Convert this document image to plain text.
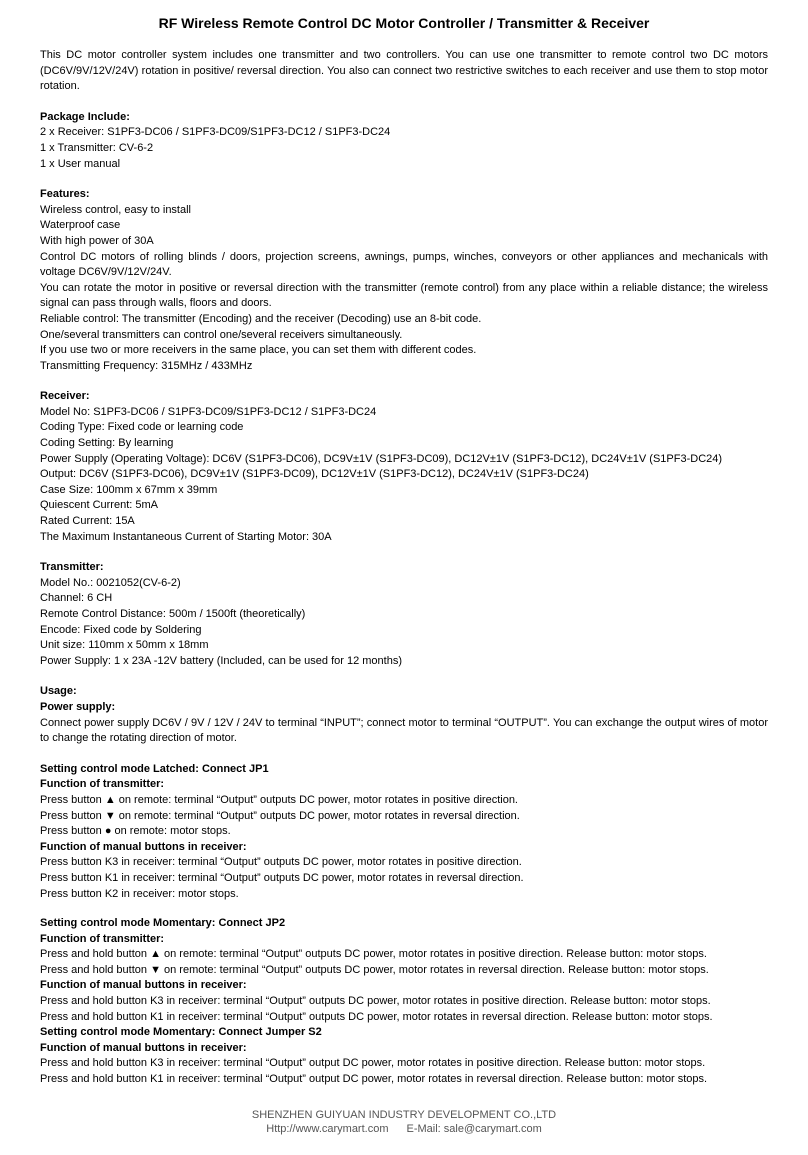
RF Wireless Remote Control DC Motor Controller / Transmitter & Receiver
This DC motor controller system includes one transmitter and two controllers. You can use one transmitter to remote control two DC motors (DC6V/9V/12V/24V) rotation in positive/ reversal direction. You also can connect two restrictive switches to each receiver and use them to stop motor rotation.
Package Include:
2 x Receiver: S1PF3-DC06 / S1PF3-DC09/S1PF3-DC12 / S1PF3-DC24
1 x Transmitter: CV-6-2
1 x User manual
Features:
Wireless control, easy to install
Waterproof case
With high power of 30A
Control DC motors of rolling blinds / doors, projection screens, awnings, pumps, winches, conveyors or other appliances and mechanicals with voltage DC6V/9V/12V/24V.
You can rotate the motor in positive or reversal direction with the transmitter (remote control) from any place within a reliable distance; the wireless signal can pass through walls, floors and doors.
Reliable control: The transmitter (Encoding) and the receiver (Decoding) use an 8-bit code.
One/several transmitters can control one/several receivers simultaneously.
If you use two or more receivers in the same place, you can set them with different codes.
Transmitting Frequency: 315MHz / 433MHz
Receiver:
Model No: S1PF3-DC06 / S1PF3-DC09/S1PF3-DC12 / S1PF3-DC24
Coding Type: Fixed code or learning code
Coding Setting: By learning
Power Supply (Operating Voltage): DC6V (S1PF3-DC06), DC9V±1V (S1PF3-DC09), DC12V±1V (S1PF3-DC12), DC24V±1V (S1PF3-DC24)
Output: DC6V (S1PF3-DC06), DC9V±1V (S1PF3-DC09), DC12V±1V (S1PF3-DC12), DC24V±1V (S1PF3-DC24)
Case Size: 100mm x 67mm x 39mm
Quiescent Current: 5mA
Rated Current: 15A
The Maximum Instantaneous Current of Starting Motor: 30A
Transmitter:
Model No.: 0021052(CV-6-2)
Channel: 6 CH
Remote Control Distance: 500m / 1500ft (theoretically)
Encode: Fixed code by Soldering
Unit size: 110mm x 50mm x 18mm
Power Supply: 1 x 23A -12V battery (Included, can be used for 12 months)
Usage:
Power supply:
Connect power supply DC6V / 9V / 12V / 24V to terminal “INPUT”; connect motor to terminal “OUTPUT”. You can exchange the output wires of motor to change the rotating direction of motor.
Setting control mode Latched: Connect JP1
Function of transmitter:
Press button ▲ on remote: terminal “Output” outputs DC power, motor rotates in positive direction.
Press button ▼ on remote: terminal “Output” outputs DC power, motor rotates in reversal direction.
Press button ● on remote: motor stops.
Function of manual buttons in receiver:
Press button K3 in receiver: terminal “Output” outputs DC power, motor rotates in positive direction.
Press button K1 in receiver: terminal “Output” outputs DC power, motor rotates in reversal direction.
Press button K2 in receiver: motor stops.
Setting control mode Momentary: Connect JP2
Function of transmitter:
Press and hold button ▲ on remote: terminal “Output” outputs DC power, motor rotates in positive direction. Release button: motor stops.
Press and hold button ▼ on remote: terminal “Output” outputs DC power, motor rotates in reversal direction. Release button: motor stops.
Function of manual buttons in receiver:
Press and hold button K3 in receiver: terminal “Output” outputs DC power, motor rotates in positive direction. Release button: motor stops.
Press and hold button K1 in receiver: terminal “Output” outputs DC power, motor rotates in reversal direction. Release button: motor stops.
Setting control mode Momentary: Connect Jumper S2
Function of manual buttons in receiver:
Press and hold button K3 in receiver: terminal “Output” output DC power, motor rotates in positive direction. Release button: motor stops.
Press and hold button K1 in receiver: terminal “Output” output DC power, motor rotates in reversal direction. Release button: motor stops.
SHENZHEN GUIYUAN INDUSTRY DEVELOPMENT CO.,LTD
Http://www.carymart.com E-Mail: sale@carymart.com
